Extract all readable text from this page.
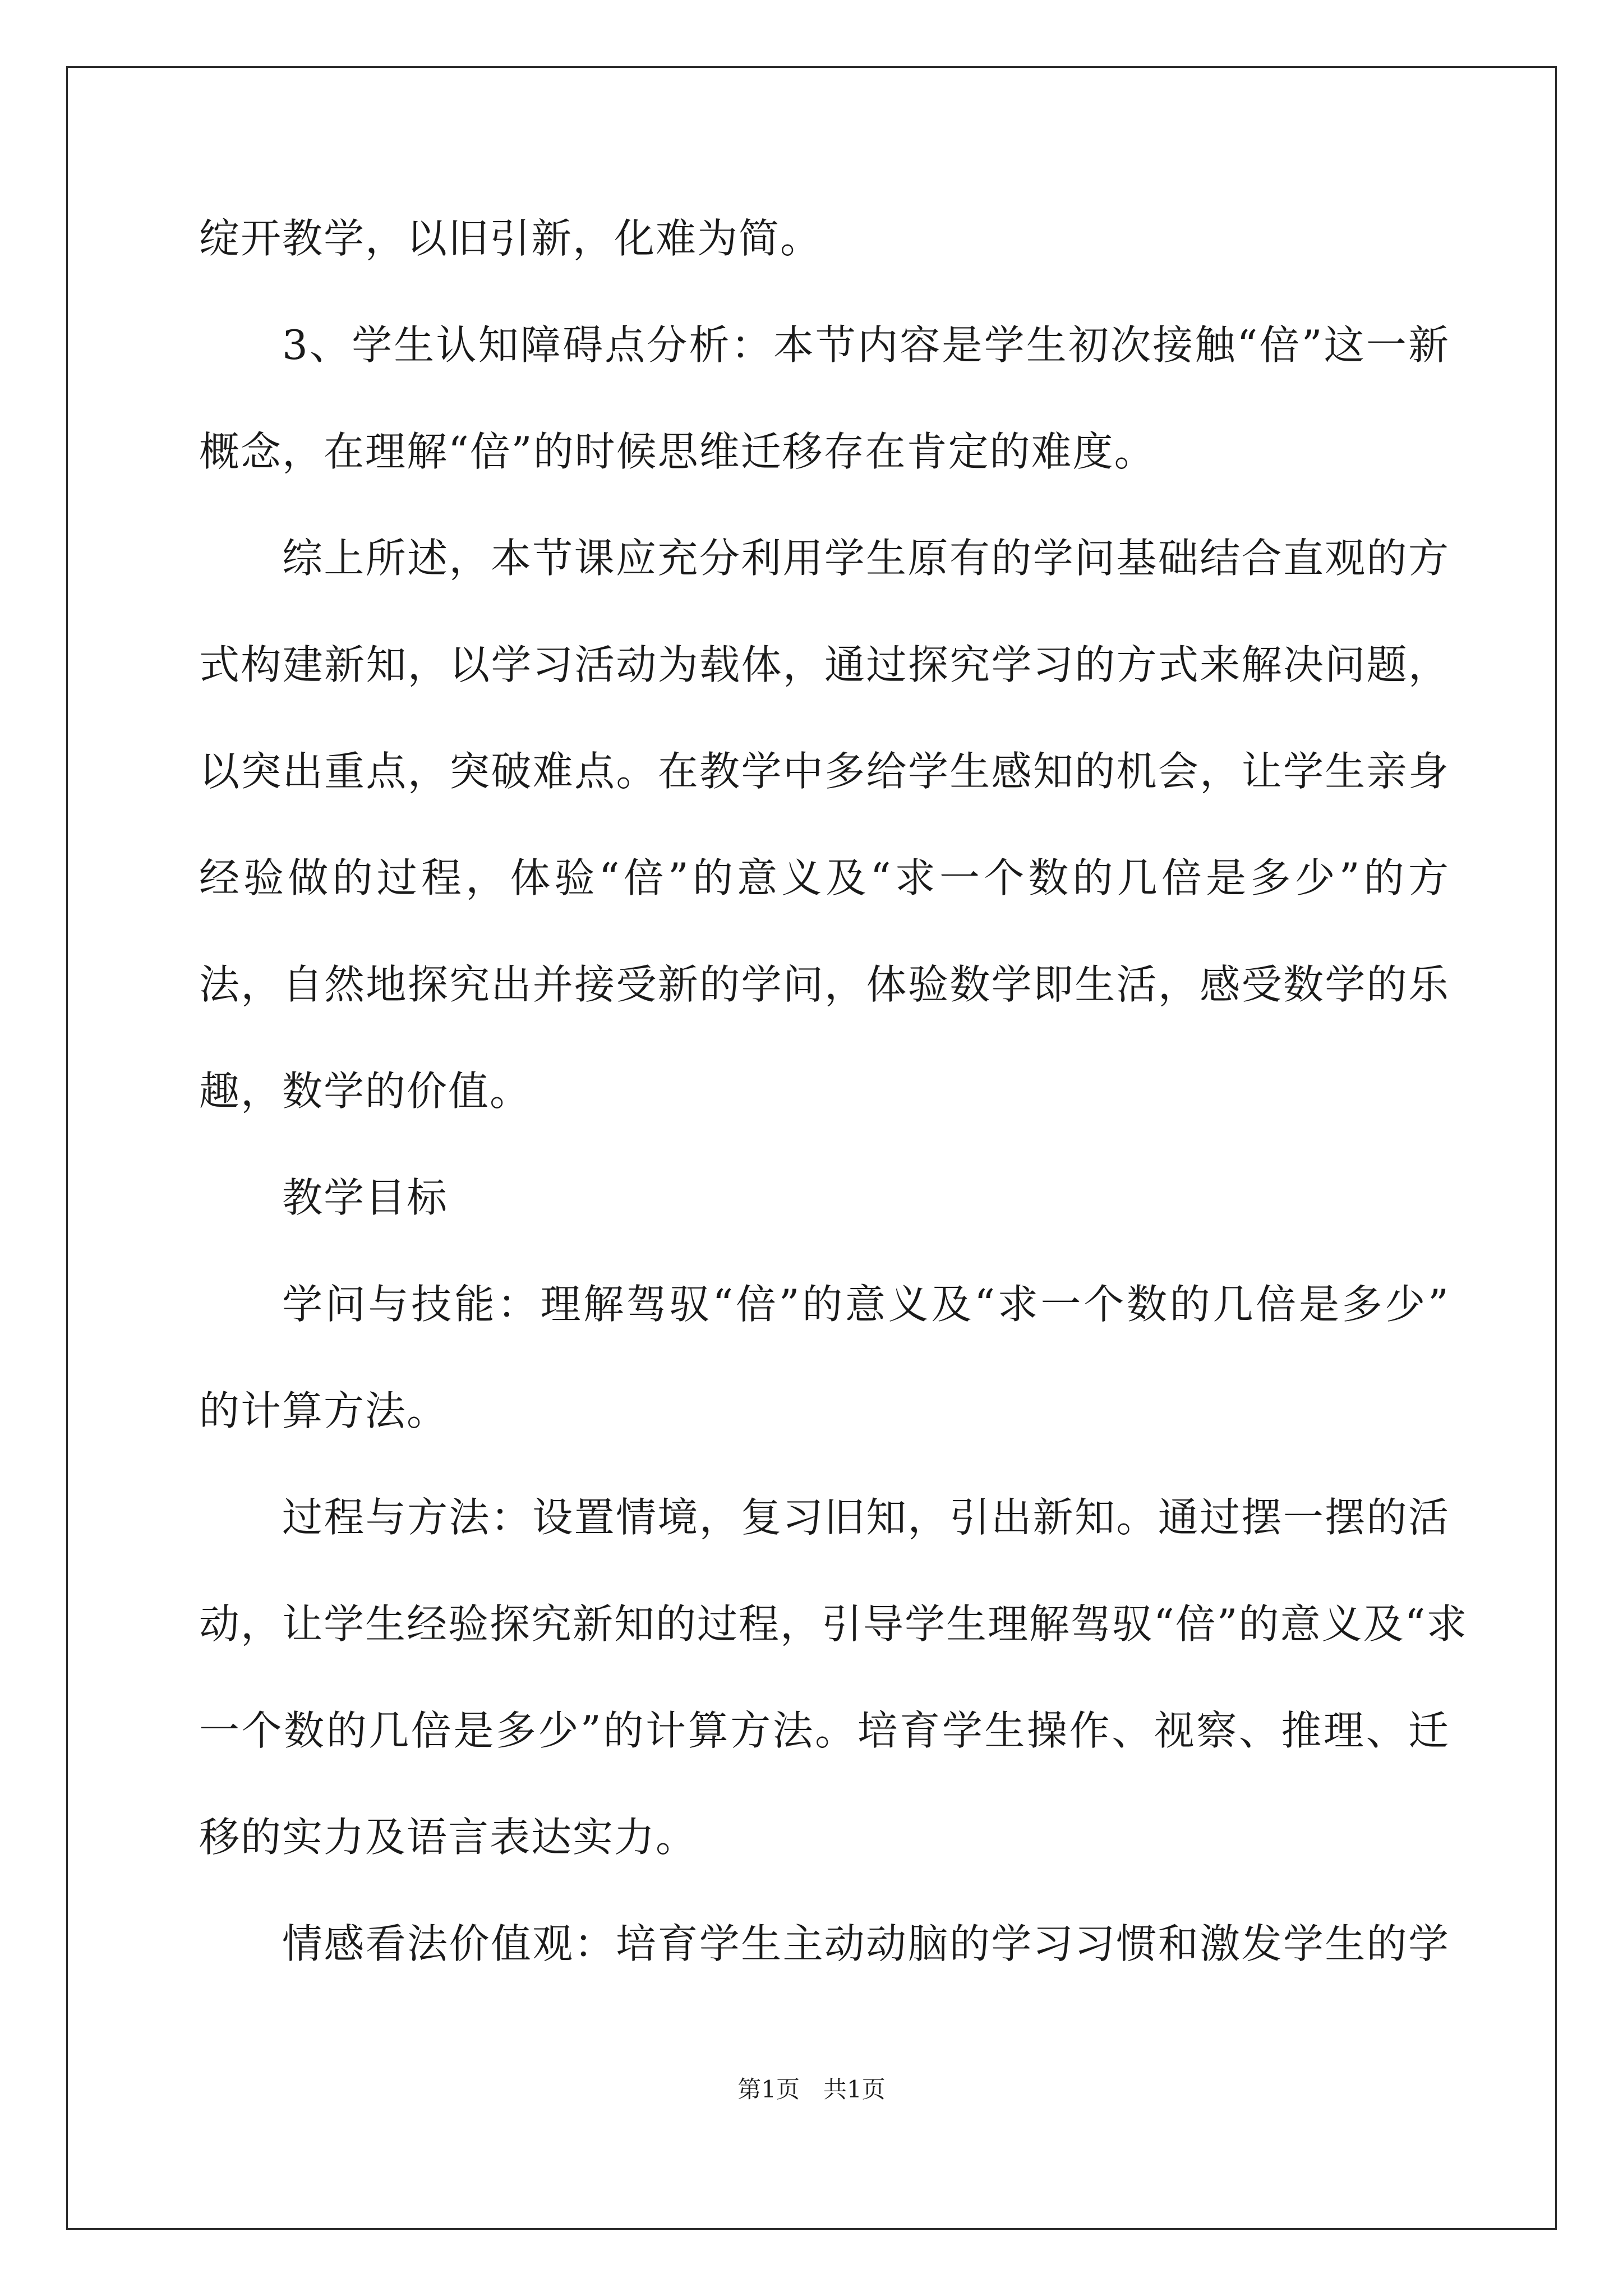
绽开教学，以旧引新，化难为简。
3、学生认知障碍点分析：本节内容是学生初次接触“倍”这一新
概念，在理解“倍”的时候思维迁移存在肯定的难度。
综上所述，本节课应充分利用学生原有的学问基础结合直观的方
式构建新知，以学习活动为载体，通过探究学习的方式来解决问题，
以突出重点，突破难点。在教学中多给学生感知的机会，让学生亲身
经验做的过程，体验“倍”的意义及“求一个数的几倍是多少”的方
法，自然地探究出并接受新的学问，体验数学即生活，感受数学的乐
趣，数学的价值。
教学目标
学问与技能：理解驾驭“倍”的意义及“求一个数的几倍是多少”
的计算方法。
过程与方法：设置情境，复习旧知，引出新知。通过摆一摆的活
动，让学生经验探究新知的过程，引导学生理解驾驭“倍”的意义及“求
一个数的几倍是多少”的计算方法。培育学生操作、视察、推理、迁
移的实力及语言表达实力。
情感看法价值观：培育学生主动动脑的学习习惯和激发学生的学
第1页　共1页
